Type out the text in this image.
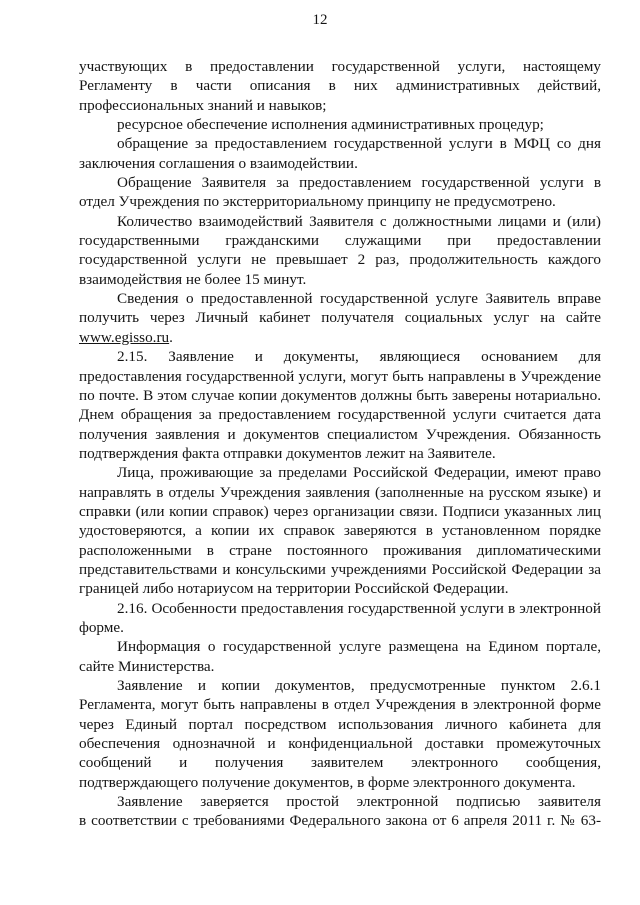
12
участвующих в предоставлении государственной услуги, настоящему
Регламенту в части описания в них административных действий,
профессиональных знаний и навыков;
ресурсное обеспечение исполнения административных процедур;
обращение за предоставлением государственной услуги в МФЦ со дня
заключения соглашения о взаимодействии.
Обращение Заявителя за предоставлением государственной услуги в
отдел Учреждения по экстерриториальному принципу не предусмотрено.
Количество взаимодействий Заявителя с должностными лицами и (или)
государственными гражданскими служащими при предоставлении
государственной услуги не превышает 2 раз, продолжительность каждого
взаимодействия не более 15 минут.
Сведения о предоставленной государственной услуге Заявитель вправе
получить через Личный кабинет получателя социальных услуг на сайте
www.egisso.ru.
2.15. Заявление и документы, являющиеся основанием для
предоставления государственной услуги, могут быть направлены в Учреждение
по почте. В этом случае копии документов должны быть заверены нотариально.
Днем обращения за предоставлением государственной услуги считается дата
получения заявления и документов специалистом Учреждения. Обязанность
подтверждения факта отправки документов лежит на Заявителе.
Лица, проживающие за пределами Российской Федерации, имеют право
направлять в отделы Учреждения заявления (заполненные на русском языке) и
справки (или копии справок) через организации связи. Подписи указанных лиц
удостоверяются, а копии их справок заверяются в установленном порядке
расположенными в стране постоянного проживания дипломатическими
представительствами и консульскими учреждениями Российской Федерации за
границей либо нотариусом на территории Российской Федерации.
2.16. Особенности предоставления государственной услуги в электронной
форме.
Информация о государственной услуге размещена на Едином портале,
сайте Министерства.
Заявление и копии документов, предусмотренные пунктом 2.6.1
Регламента, могут быть направлены в отдел Учреждения в электронной форме
через Единый портал посредством использования личного кабинета для
обеспечения однозначной и конфиденциальной доставки промежуточных
сообщений и получения заявителем электронного сообщения,
подтверждающего получение документов, в форме электронного документа.
Заявление заверяется простой электронной подписью заявителя
в соответствии с требованиями Федерального закона от 6 апреля 2011 г. № 63-
